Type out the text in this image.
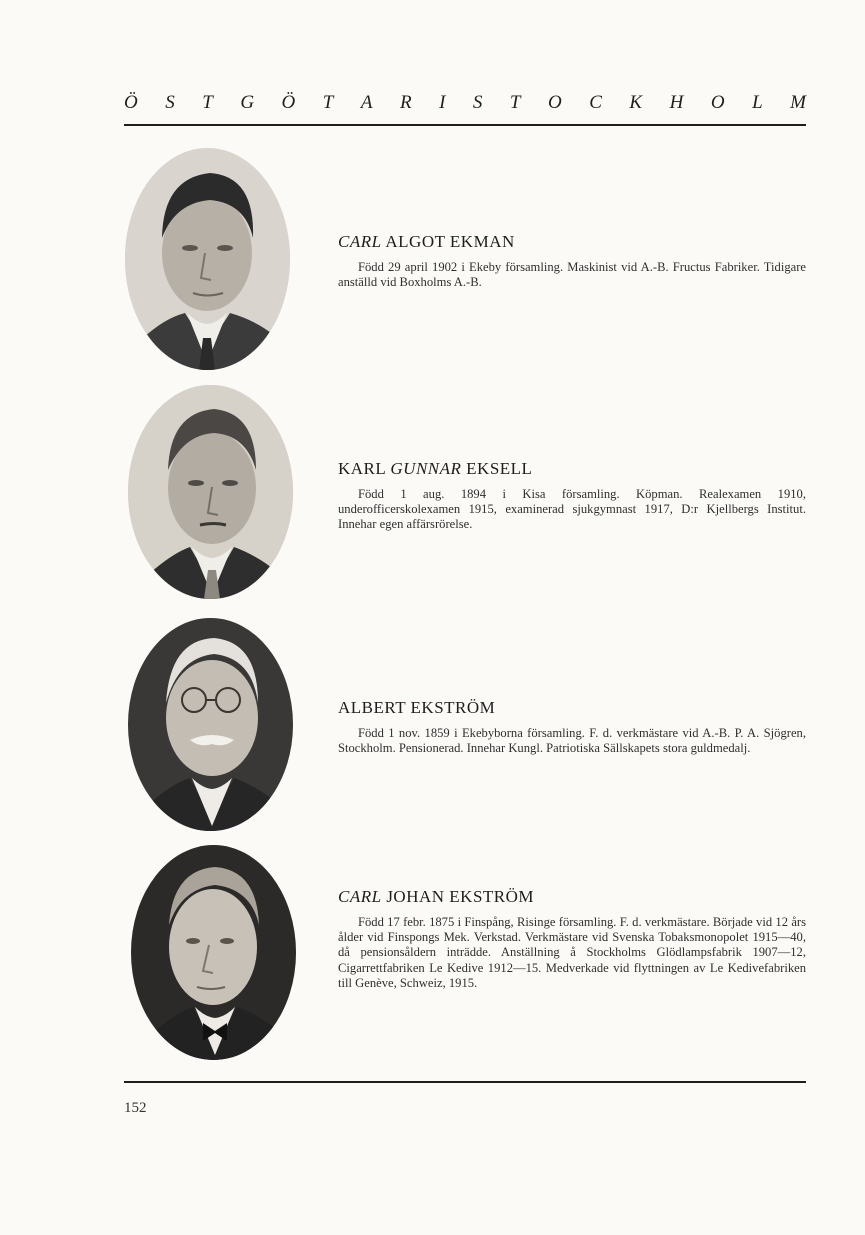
Ö S T G Ö T A R I S T O C K H O L M

CARL ALGOT EKMAN

Född 29 april 1902 i Ekeby församling. Maskinist vid A.-B. Fructus Fabriker. Tidigare anställd vid Boxholms A.-B.

KARL GUNNAR EKSELL

Född 1 aug. 1894 i Kisa församling. Köpman. Realexamen 1910, underofficerskolexamen 1915, examinerad sjukgymnast 1917, D:r Kjellbergs Institut. Innehar egen affärsrörelse.

ALBERT EKSTRÖM

Född 1 nov. 1859 i Ekebyborna församling. F. d. verkmästare vid A.-B. P. A. Sjögren, Stockholm. Pensionerad. Innehar Kungl. Patriotiska Sällskapets stora guldmedalj.

CARL JOHAN EKSTRÖM

Född 17 febr. 1875 i Finspång, Risinge församling. F. d. verkmästare. Började vid 12 års ålder vid Finspongs Mek. Verkstad. Verkmästare vid Svenska Tobaksmonopolet 1915—40, då pensionsåldern inträdde. Anställning å Stockholms Glödlampsfabrik 1907—12, Cigarrettfabriken Le Kedive 1912—15. Medverkade vid flyttningen av Le Kedivefabriken till Genève, Schweiz, 1915.

152
